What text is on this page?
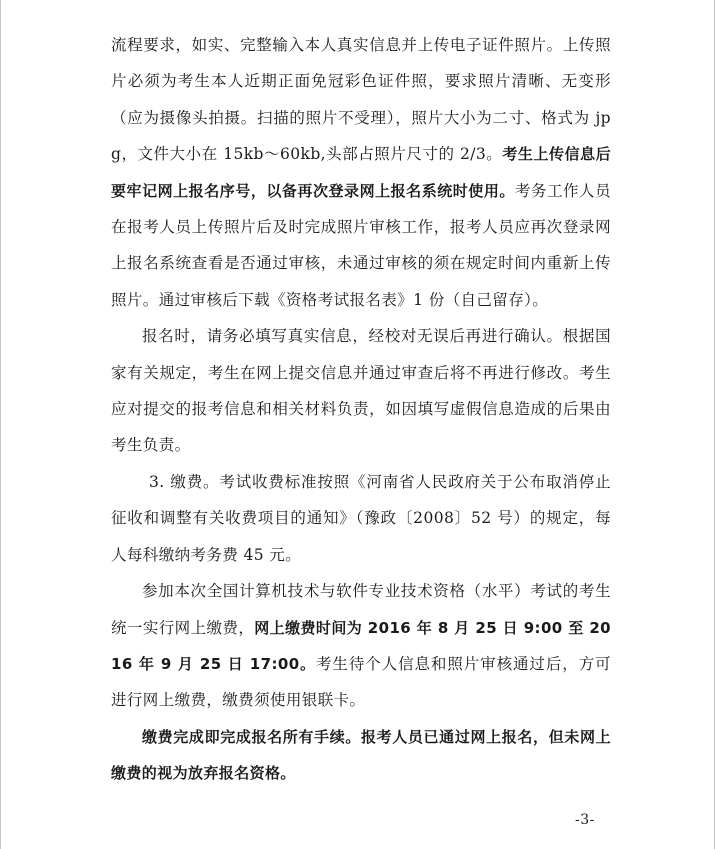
流程要求，如实、完整输入本人真实信息并上传电子证件照片。上传照片必须为考生本人近期正面免冠彩色证件照，要求照片清晰、无变形（应为摄像头拍摄。扫描的照片不受理），照片大小为二寸、格式为 jpg，文件大小在 15kb～60kb,头部占照片尺寸的 2/3。考生上传信息后要牢记网上报名序号，以备再次登录网上报名系统时使用。考务工作人员在报考人员上传照片后及时完成照片审核工作，报考人员应再次登录网上报名系统查看是否通过审核，未通过审核的须在规定时间内重新上传照片。通过审核后下载《资格考试报名表》1 份（自己留存）。

报名时，请务必填写真实信息，经校对无误后再进行确认。根据国家有关规定，考生在网上提交信息并通过审查后将不再进行修改。考生应对提交的报考信息和相关材料负责，如因填写虚假信息造成的后果由考生负责。

3. 缴费。考试收费标准按照《河南省人民政府关于公布取消停止征收和调整有关收费项目的通知》（豫政〔2008〕52 号）的规定，每人每科缴纳考务费 45 元。

参加本次全国计算机技术与软件专业技术资格（水平）考试的考生统一实行网上缴费，网上缴费时间为 2016 年 8 月 25 日 9:00 至 2016 年 9 月 25 日 17:00。考生待个人信息和照片审核通过后，方可进行网上缴费，缴费须使用银联卡。

缴费完成即完成报名所有手续。报考人员已通过网上报名，但未网上缴费的视为放弃报名资格。

-3-
